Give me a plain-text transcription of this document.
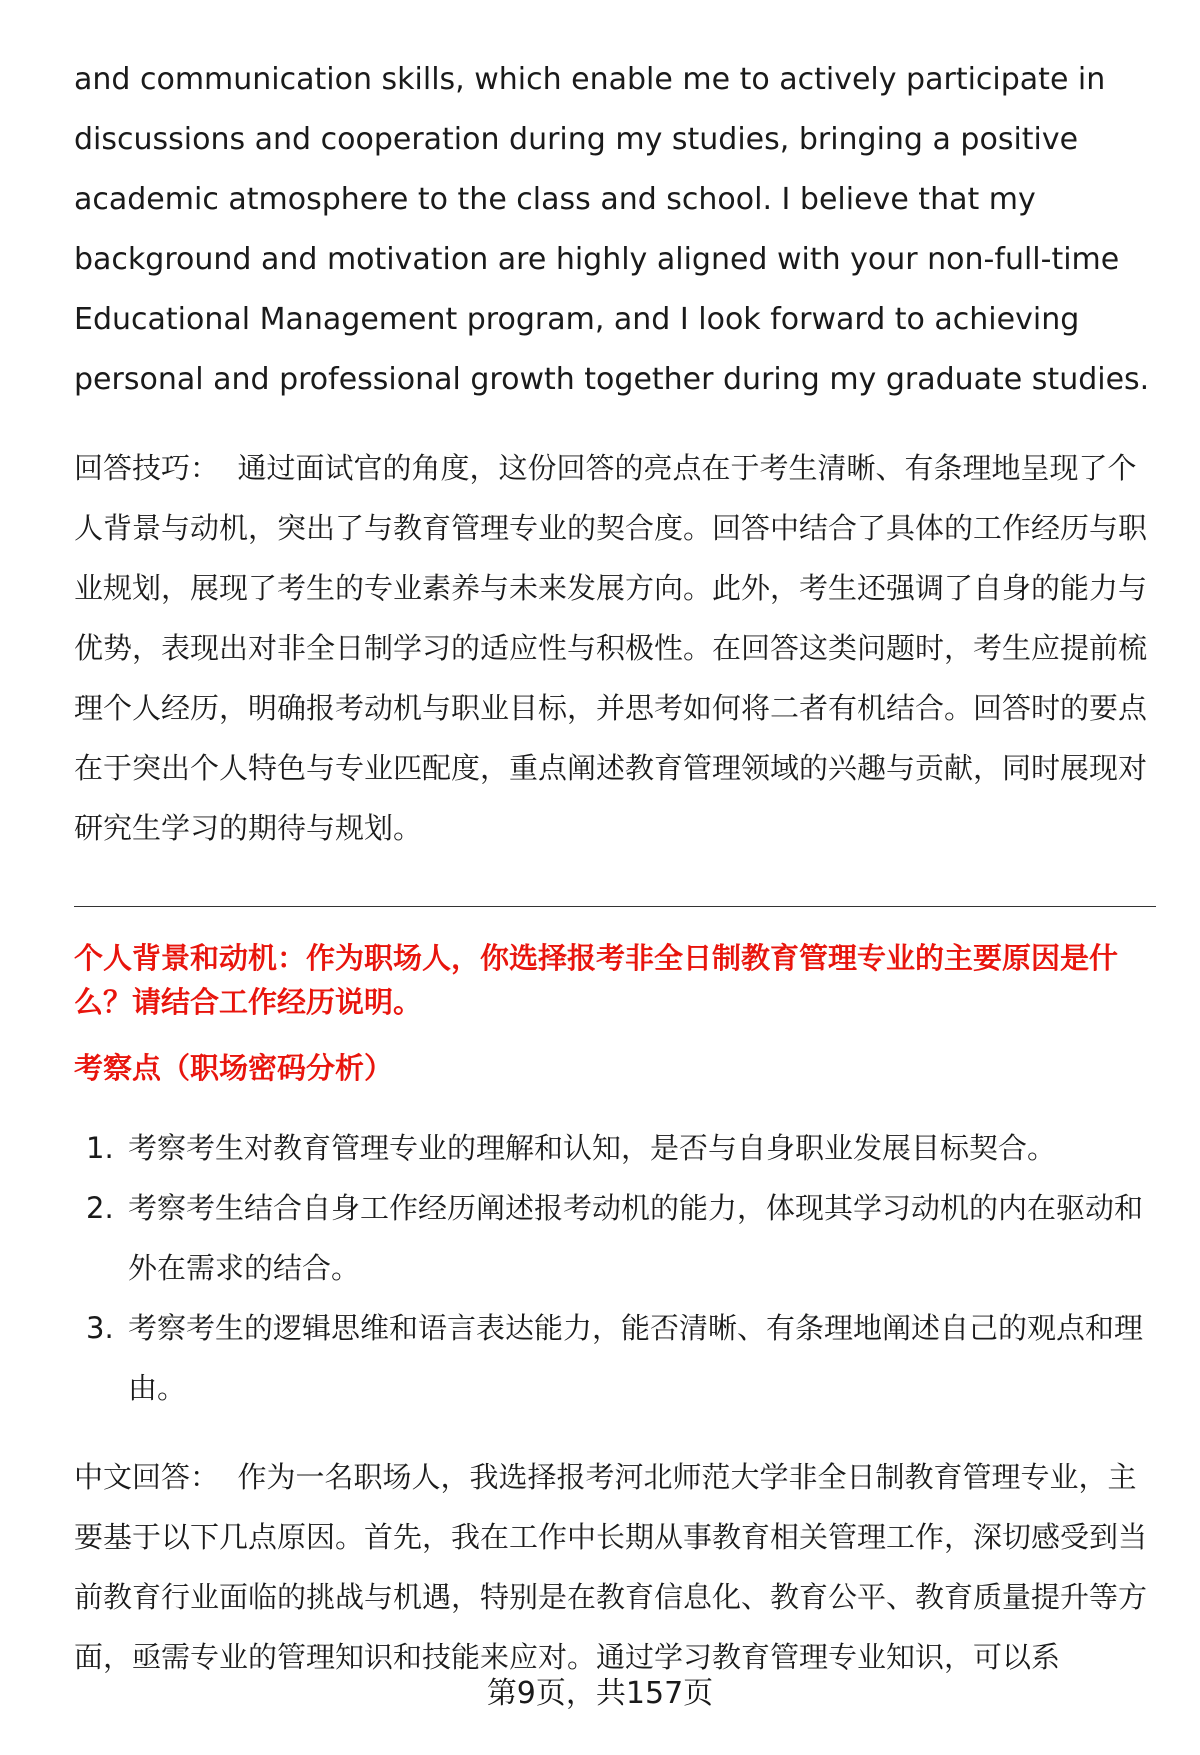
and communication skills, which enable me to actively participate in discussions and cooperation during my studies, bringing a positive academic atmosphere to the class and school. I believe that my background and motivation are highly aligned with your non-full-time Educational Management program, and I look forward to achieving personal and professional growth together during my graduate studies.

回答技巧： 通过面试官的角度，这份回答的亮点在于考生清晰、有条理地呈现了个人背景与动机，突出了与教育管理专业的契合度。回答中结合了具体的工作经历与职业规划，展现了考生的专业素养与未来发展方向。此外，考生还强调了自身的能力与优势，表现出对非全日制学习的适应性与积极性。在回答这类问题时，考生应提前梳理个人经历，明确报考动机与职业目标，并思考如何将二者有机结合。回答时的要点在于突出个人特色与专业匹配度，重点阐述教育管理领域的兴趣与贡献，同时展现对研究生学习的期待与规划。

个人背景和动机：作为职场人，你选择报考非全日制教育管理专业的主要原因是什么？请结合工作经历说明。

考察点（职场密码分析）

1. 考察考生对教育管理专业的理解和认知，是否与自身职业发展目标契合。
2. 考察考生结合自身工作经历阐述报考动机的能力，体现其学习动机的内在驱动和外在需求的结合。
3. 考察考生的逻辑思维和语言表达能力，能否清晰、有条理地阐述自己的观点和理由。

中文回答： 作为一名职场人，我选择报考河北师范大学非全日制教育管理专业，主要基于以下几点原因。首先，我在工作中长期从事教育相关管理工作，深切感受到当前教育行业面临的挑战与机遇，特别是在教育信息化、教育公平、教育质量提升等方面，亟需专业的管理知识和技能来应对。通过学习教育管理专业知识，可以系

第9页，共157页
